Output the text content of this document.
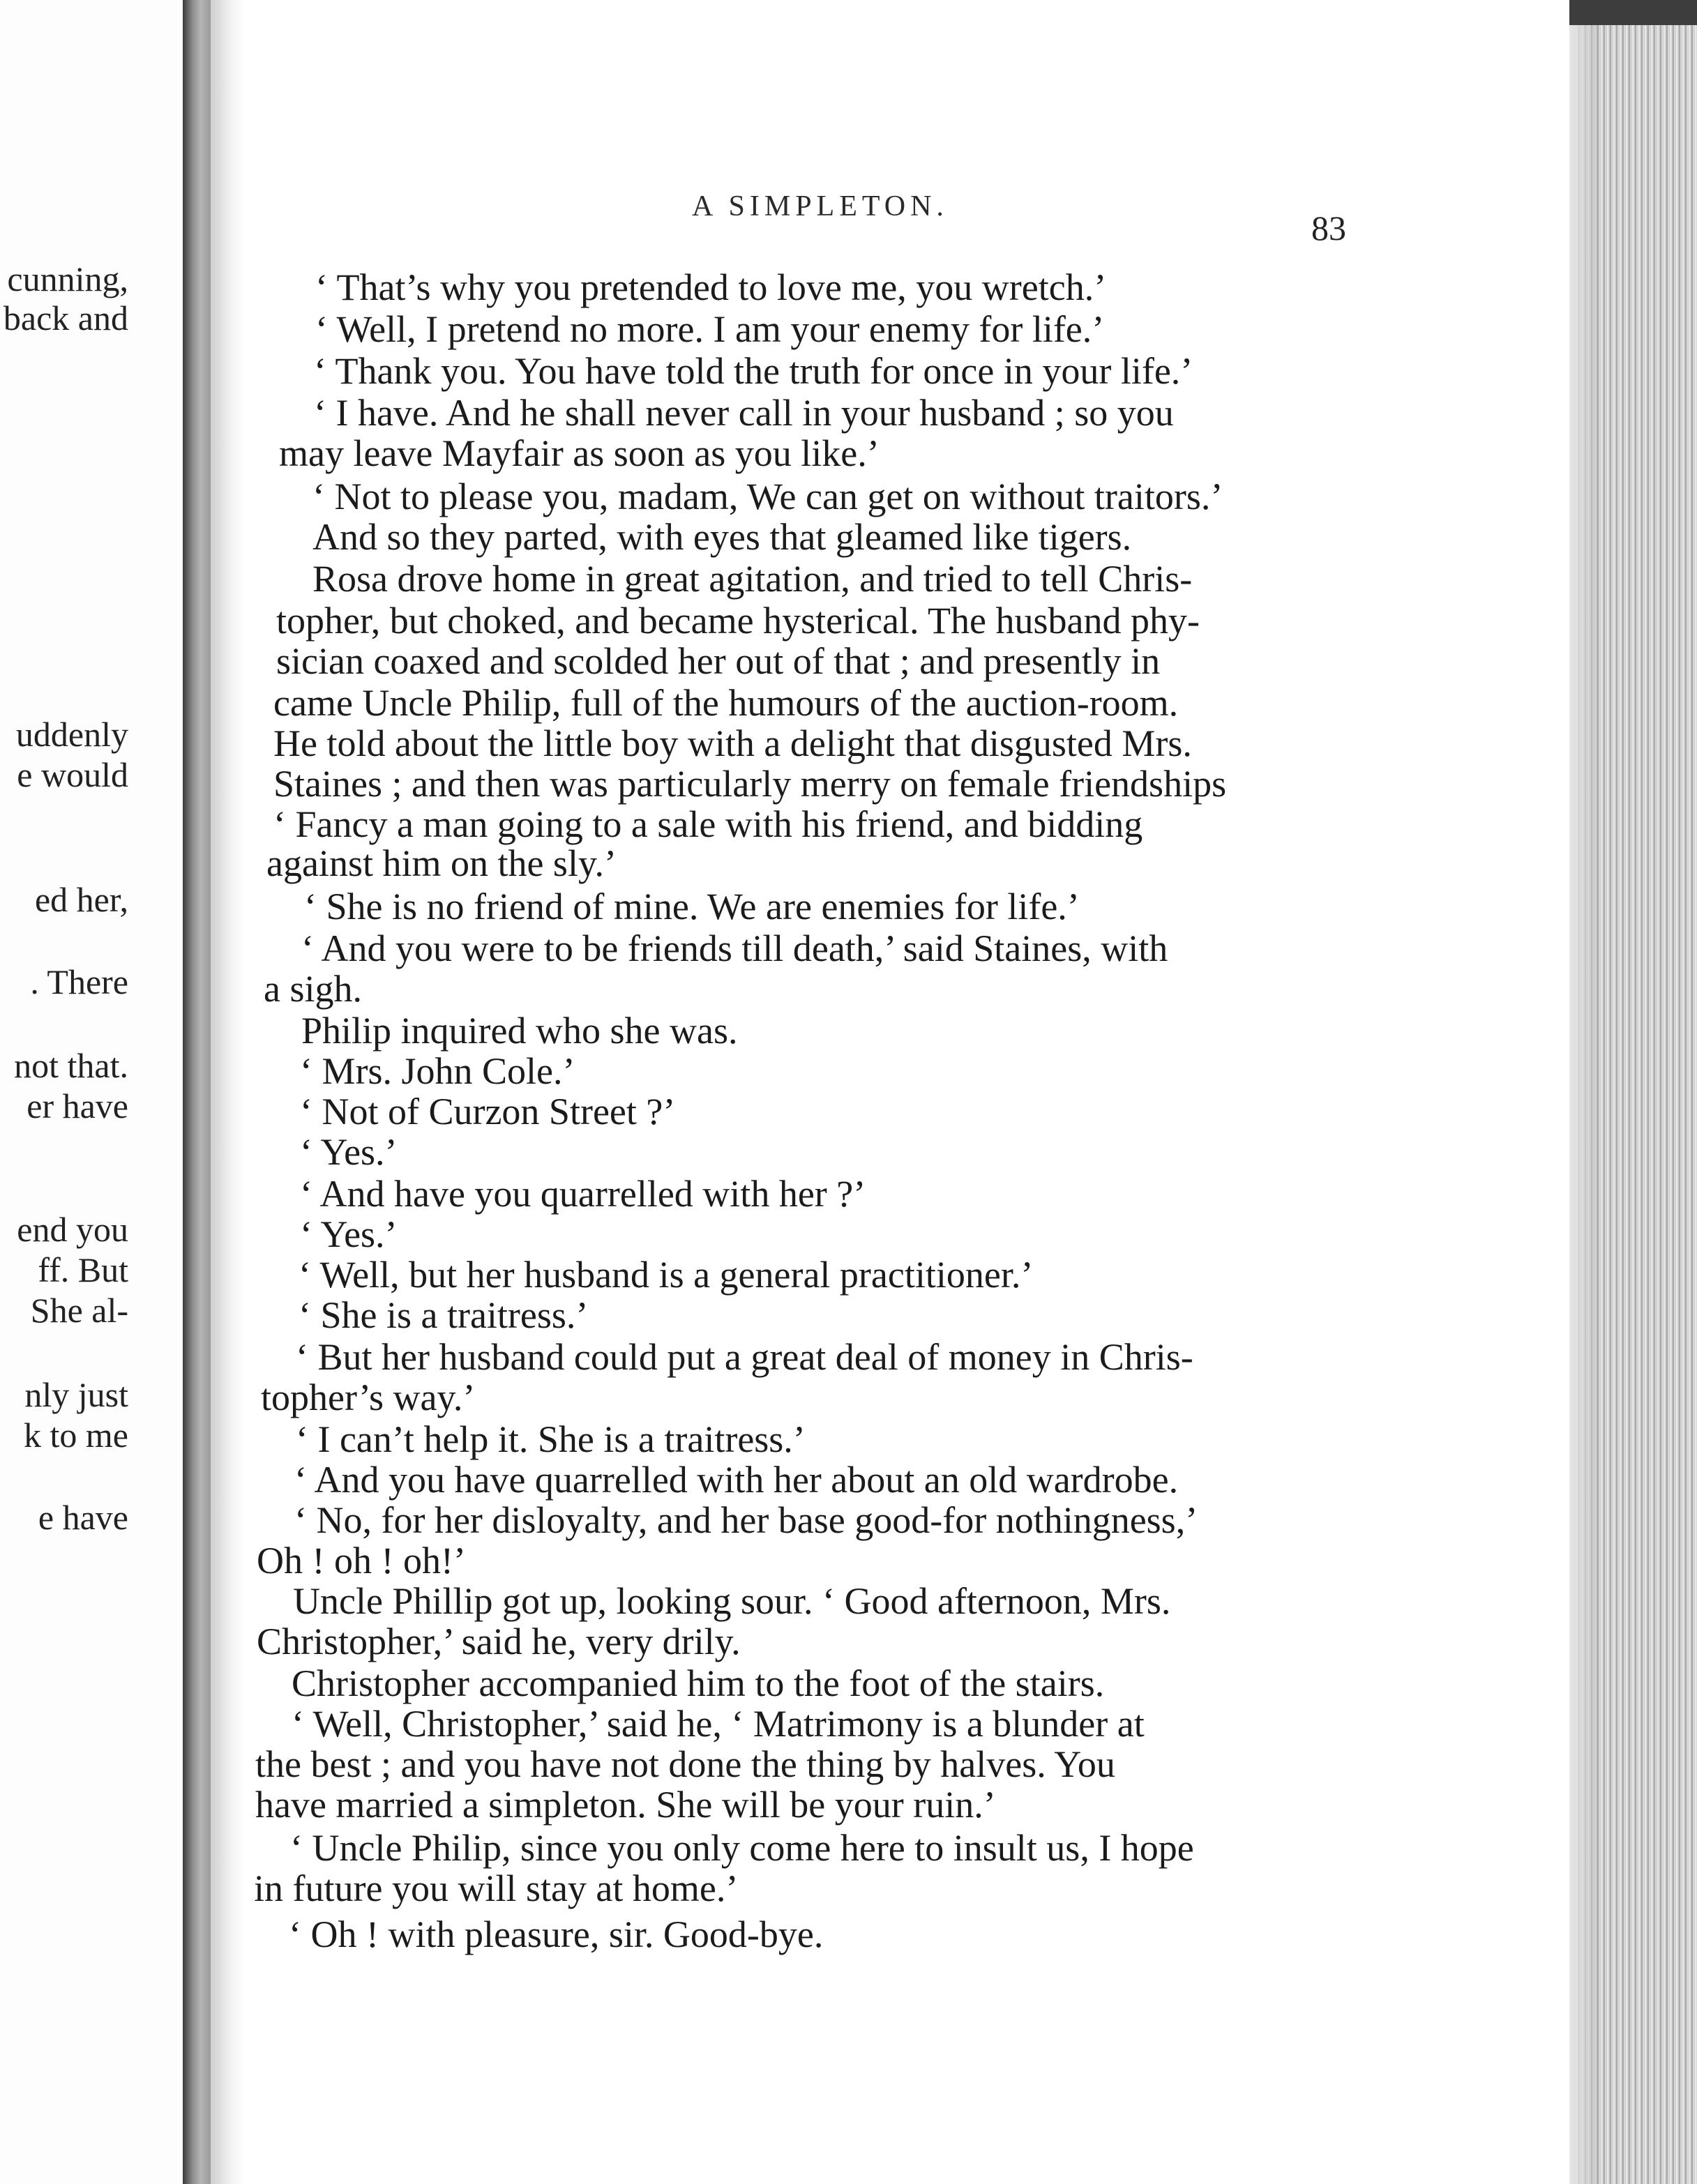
cunning,
back and
uddenly
e would
ed her,
. There
not that.
er have
end you
ff. But
She al-
nly just
k to me
e have
A SIMPLETON.
83
‘ That’s why you pretended to love me, you wretch.’
‘ Well, I pretend no more. I am your enemy for life.’
‘ Thank you. You have told the truth for once in your life.’
‘ I have. And he shall never call in your husband ; so you
may leave Mayfair as soon as you like.’
‘ Not to please you, madam, We can get on without traitors.’
And so they parted, with eyes that gleamed like tigers.
Rosa drove home in great agitation, and tried to tell Chris-
topher, but choked, and became hysterical. The husband phy-
sician coaxed and scolded her out of that ; and presently in
came Uncle Philip, full of the humours of the auction-room.
He told about the little boy with a delight that disgusted Mrs.
Staines ; and then was particularly merry on female friendships
‘ Fancy a man going to a sale with his friend, and bidding
against him on the sly.’
‘ She is no friend of mine. We are enemies for life.’
‘ And you were to be friends till death,’ said Staines, with
a sigh.
Philip inquired who she was.
‘ Mrs. John Cole.’
‘ Not of Curzon Street ?’
‘ Yes.’
‘ And have you quarrelled with her ?’
‘ Yes.’
‘ Well, but her husband is a general practitioner.’
‘ She is a traitress.’
‘ But her husband could put a great deal of money in Chris-
topher’s way.’
‘ I can’t help it. She is a traitress.’
‘ And you have quarrelled with her about an old wardrobe.
‘ No, for her disloyalty, and her base good-for nothingness,’
Oh ! oh ! oh!’
Uncle Phillip got up, looking sour. ‘ Good afternoon, Mrs.
Christopher,’ said he, very drily.
Christopher accompanied him to the foot of the stairs.
‘ Well, Christopher,’ said he, ‘ Matrimony is a blunder at
the best ; and you have not done the thing by halves. You
have married a simpleton. She will be your ruin.’
‘ Uncle Philip, since you only come here to insult us, I hope
in future you will stay at home.’
‘ Oh ! with pleasure, sir. Good-bye.
